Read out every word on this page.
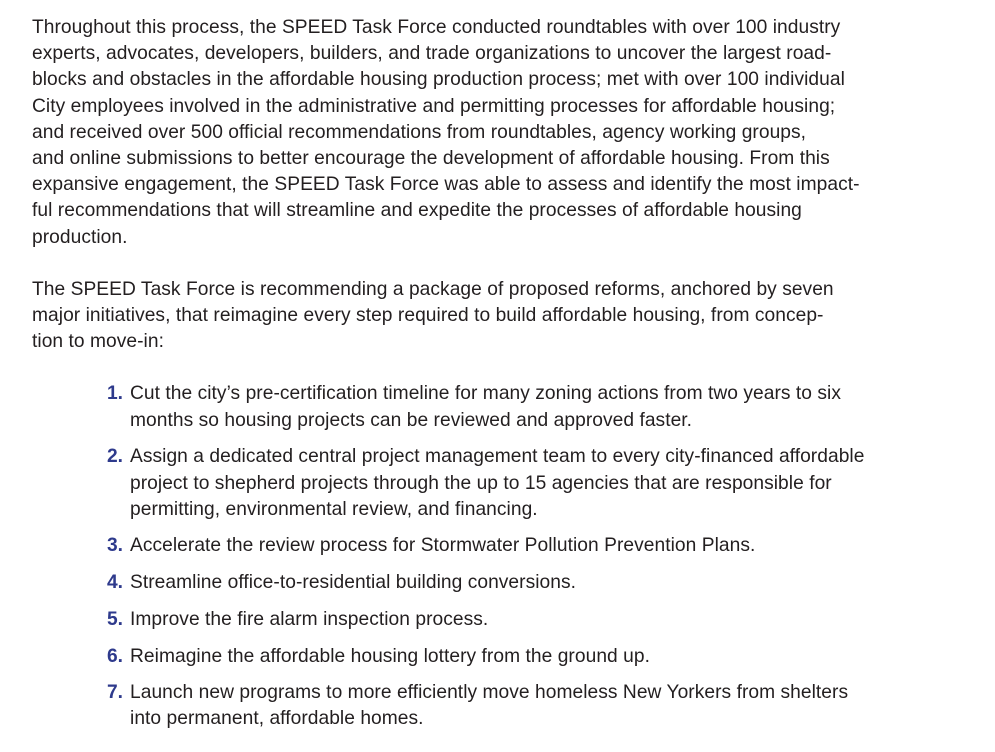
Throughout this process, the SPEED Task Force conducted roundtables with over 100 industry
experts, advocates, developers, builders, and trade organizations to uncover the largest road-
blocks and obstacles in the affordable housing production process; met with over 100 individual
City employees involved in the administrative and permitting processes for affordable housing;
and received over 500 official recommendations from roundtables, agency working groups,
and online submissions to better encourage the development of affordable housing. From this
expansive engagement, the SPEED Task Force was able to assess and identify the most impact-
ful recommendations that will streamline and expedite the processes of affordable housing
production.

The SPEED Task Force is recommending a package of proposed reforms, anchored by seven
major initiatives, that reimagine every step required to build affordable housing, from concep-
tion to move-in:

1. Cut the city’s pre-certification timeline for many zoning actions from two years to six
months so housing projects can be reviewed and approved faster.
2. Assign a dedicated central project management team to every city-financed affordable
project to shepherd projects through the up to 15 agencies that are responsible for
permitting, environmental review, and financing.
3. Accelerate the review process for Stormwater Pollution Prevention Plans.
4. Streamline office-to-residential building conversions.
5. Improve the fire alarm inspection process.
6. Reimagine the affordable housing lottery from the ground up.
7. Launch new programs to more efficiently move homeless New Yorkers from shelters
into permanent, affordable homes.
